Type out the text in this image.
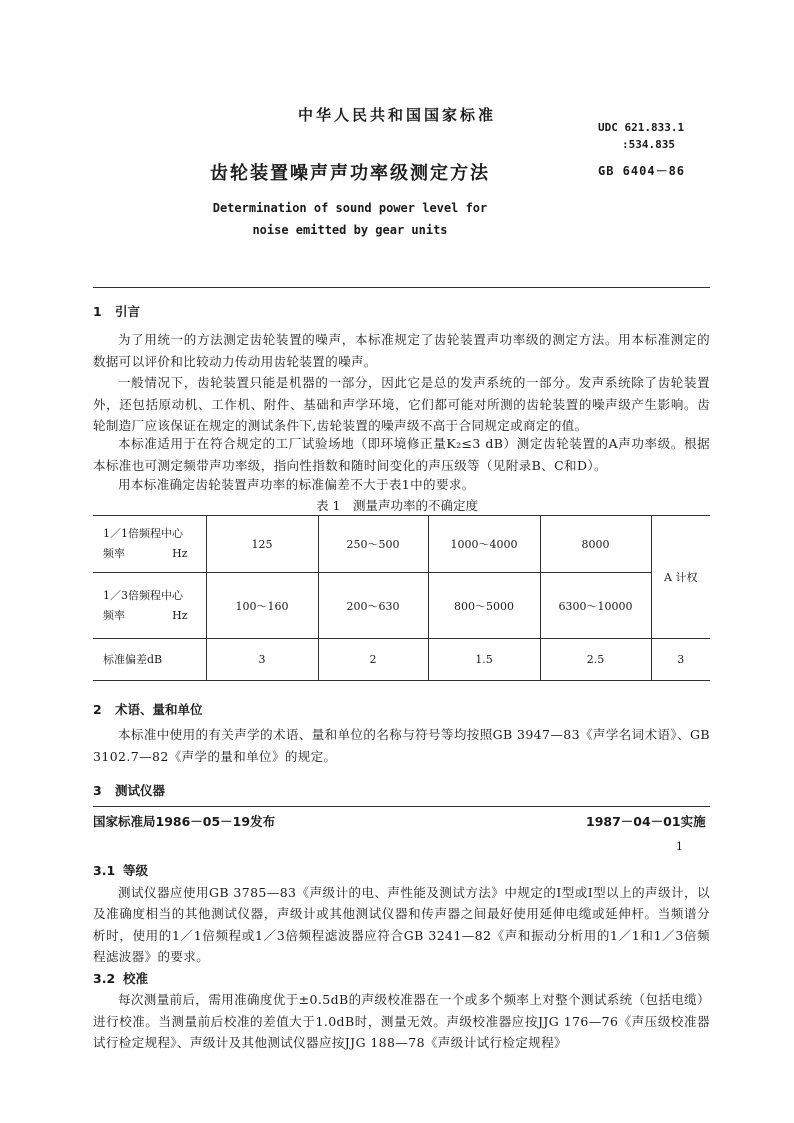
中华人民共和国国家标准
UDC 621.833.1
:534.835
GB 6404－86
齿轮装置噪声声功率级测定方法
Determination of sound power level for
noise emitted by gear units
1 引言
为了用统一的方法测定齿轮装置的噪声，本标准规定了齿轮装置声功率级的测定方法。用本标准测定的数据可以评价和比较动力传动用齿轮装置的噪声。
一般情况下，齿轮装置只能是机器的一部分，因此它是总的发声系统的一部分。发声系统除了齿轮装置外，还包括原动机、工作机、附件、基础和声学环境，它们都可能对所测的齿轮装置的噪声级产生影响。齿轮制造厂应该保证在规定的测试条件下,齿轮装置的噪声级不高于合同规定或商定的值。
本标准适用于在符合规定的工厂试验场地（即环境修正量K₂≤3 dB）测定齿轮装置的A声功率级。根据本标准也可测定频带声功率级，指向性指数和随时间变化的声压级等（见附录B、C和D）。
用本标准确定齿轮装置声功率的标准偏差不大于表1中的要求。
表 1　测量声功率的不确定度
1／1倍频程中心
频率 Hz	125	250～500	1000～4000	8000	A 计权

1／3倍频程中心
频率 Hz	100～160	200～630	800～5000	6300～10000	
标准偏差dB	3	2	1.5	2.5	3
2 术语、量和单位
本标准中使用的有关声学的术语、量和单位的名称与符号等均按照GB 3947—83《声学名词术语》、GB 3102.7—82《声学的量和单位》的规定。
3 测试仪器
国家标准局1986－05－19发布	1987－04－01实施
1
3.1 等级
测试仪器应使用GB 3785—83《声级计的电、声性能及测试方法》中规定的Ⅰ型或Ⅰ型以上的声级计，以及准确度相当的其他测试仪器，声级计或其他测试仪器和传声器之间最好使用延伸电缆或延伸杆。当频谱分析时，使用的1／1倍频程或1／3倍频程滤波器应符合GB 3241—82《声和振动分析用的1／1和1／3倍频程滤波器》的要求。
3.2 校准
每次测量前后，需用准确度优于±0.5dB的声级校准器在一个或多个频率上对整个测试系统（包括电缆）进行校准。当测量前后校准的差值大于1.0dB时，测量无效。声级校准器应按JJG 176—76《声压级校准器试行检定规程》、声级计及其他测试仪器应按JJG 188—78《声级计试行检定规程》
